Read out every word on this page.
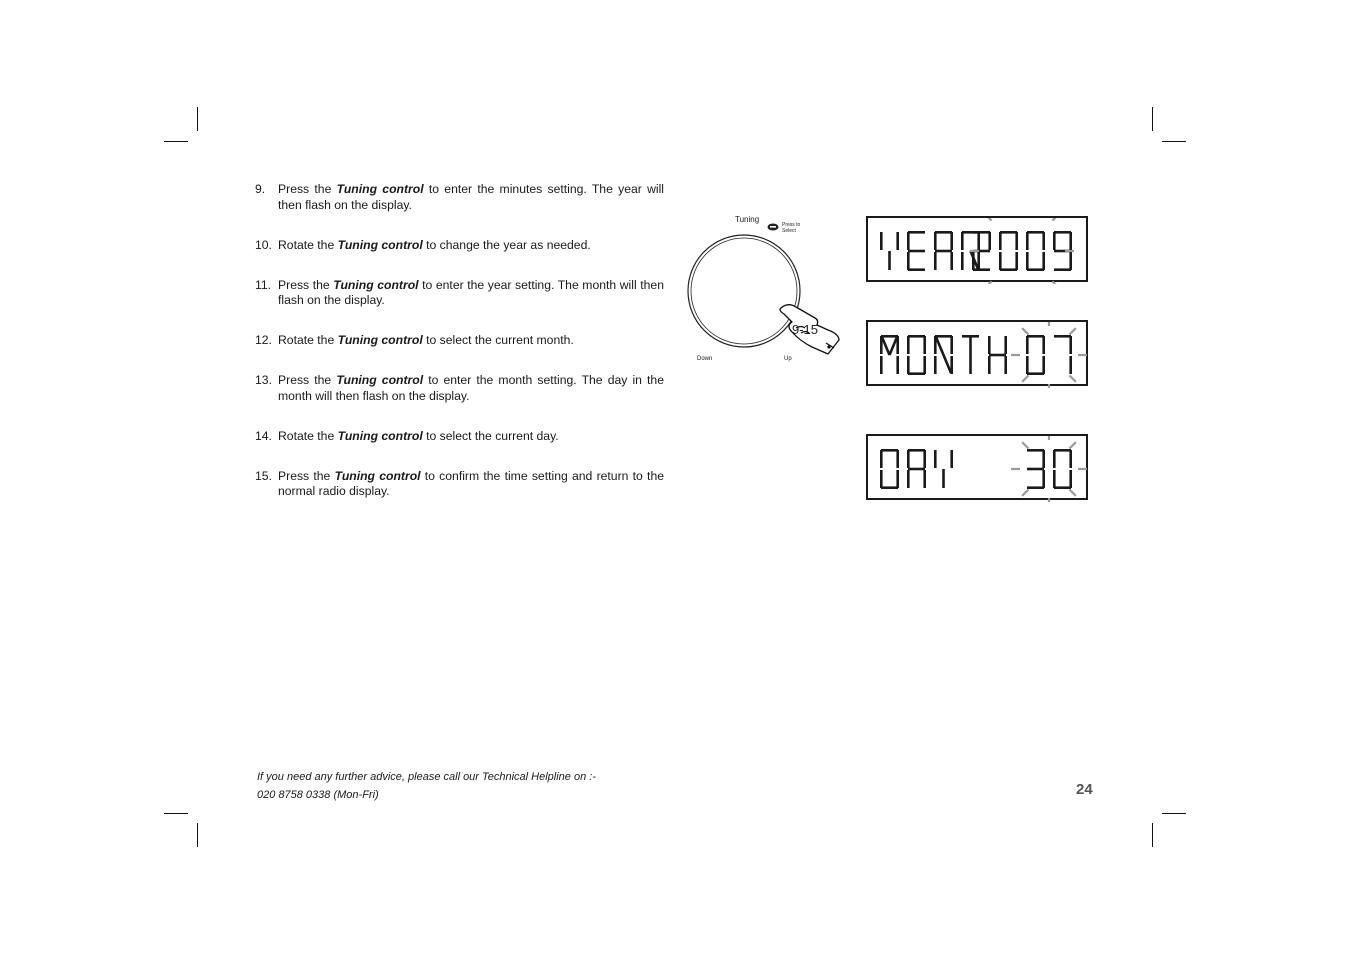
9.	Press the Tuning control to enter the minutes setting. The year will then flash on the display.
10. Rotate the Tuning control to change the year as needed.
11. Press the Tuning control to enter the year setting. The month will then flash on the display.
12. Rotate the Tuning control to select the current month.
13. Press the Tuning control to enter the month setting. The day in the month will then flash on the display.
14. Rotate the Tuning control to select the current day.
15. Press the Tuning control to confirm the time setting and return to the normal radio display.
Tuning
Press to
Select
Down	Up
9-15
If you need any further advice, please call our Technical Helpline on :-
020 8758 0338 (Mon-Fri)	24
